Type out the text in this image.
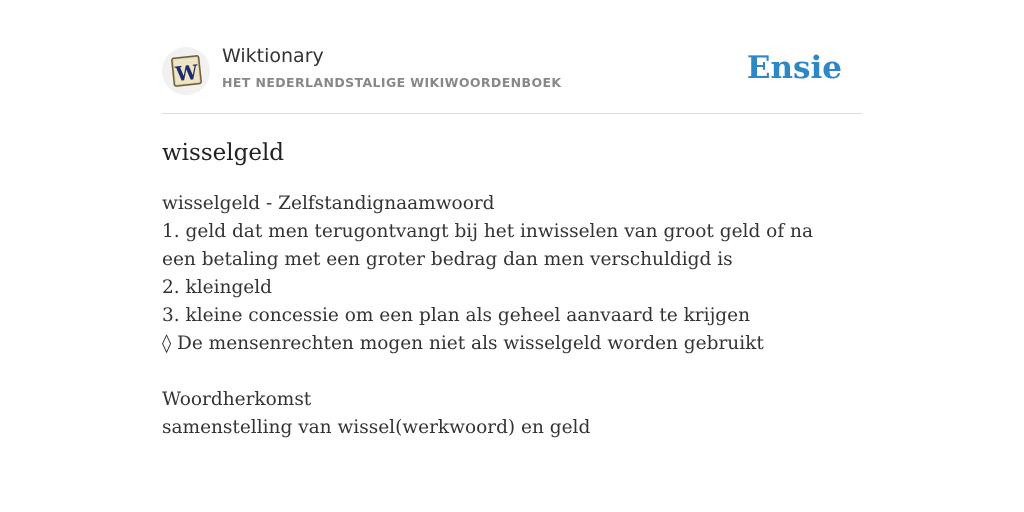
W
Wiktionary
HET NEDERLANDSTALIGE WIKIWOORDENBOEK	Ensie
wisselgeld
wisselgeld - Zelfstandignaamwoord
1. geld dat men terugontvangt bij het inwisselen van groot geld of na een betaling met een groter bedrag dan men verschuldigd is
2. kleingeld
3. kleine concessie om een plan als geheel aanvaard te krijgen
◊ De mensenrechten mogen niet als wisselgeld worden gebruikt
Woordherkomst
samenstelling van wissel(werkwoord) en geld
